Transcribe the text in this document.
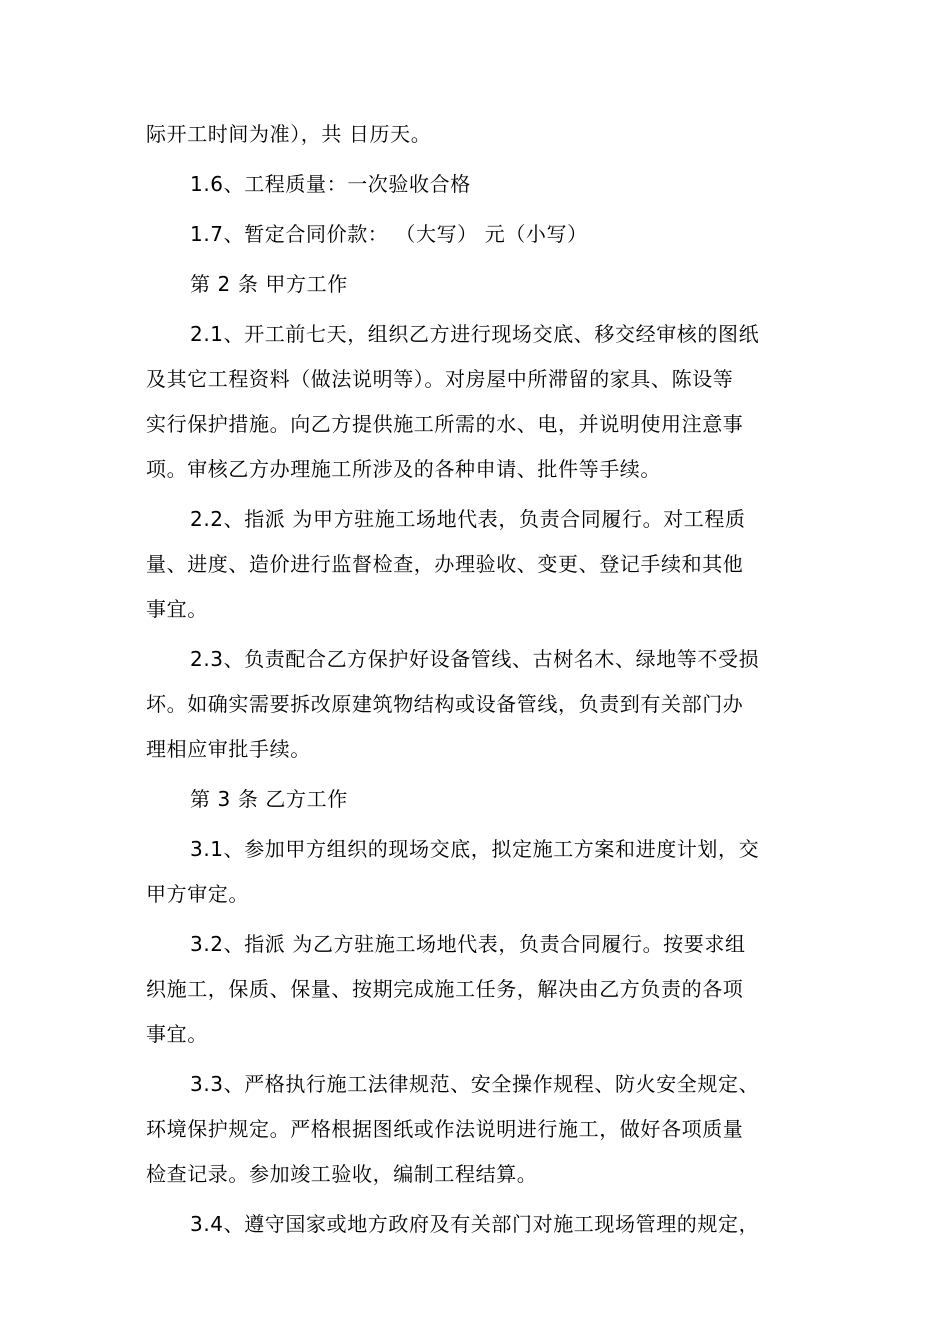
际开工时间为准），共 日历天。
1.6、工程质量：一次验收合格
1.7、暂定合同价款： （大写） 元（小写）
第 2 条 甲方工作
2.1、开工前七天，组织乙方进行现场交底、移交经审核的图纸
及其它工程资料（做法说明等）。对房屋中所滞留的家具、陈设等
实行保护措施。向乙方提供施工所需的水、电，并说明使用注意事
项。审核乙方办理施工所涉及的各种申请、批件等手续。
2.2、指派 为甲方驻施工场地代表，负责合同履行。对工程质
量、进度、造价进行监督检查，办理验收、变更、登记手续和其他
事宜。
2.3、负责配合乙方保护好设备管线、古树名木、绿地等不受损
坏。如确实需要拆改原建筑物结构或设备管线，负责到有关部门办
理相应审批手续。
第 3 条 乙方工作
3.1、参加甲方组织的现场交底，拟定施工方案和进度计划，交
甲方审定。
3.2、指派 为乙方驻施工场地代表，负责合同履行。按要求组
织施工，保质、保量、按期完成施工任务，解决由乙方负责的各项
事宜。
3.3、严格执行施工法律规范、安全操作规程、防火安全规定、
环境保护规定。严格根据图纸或作法说明进行施工，做好各项质量
检查记录。参加竣工验收，编制工程结算。
3.4、遵守国家或地方政府及有关部门对施工现场管理的规定，
